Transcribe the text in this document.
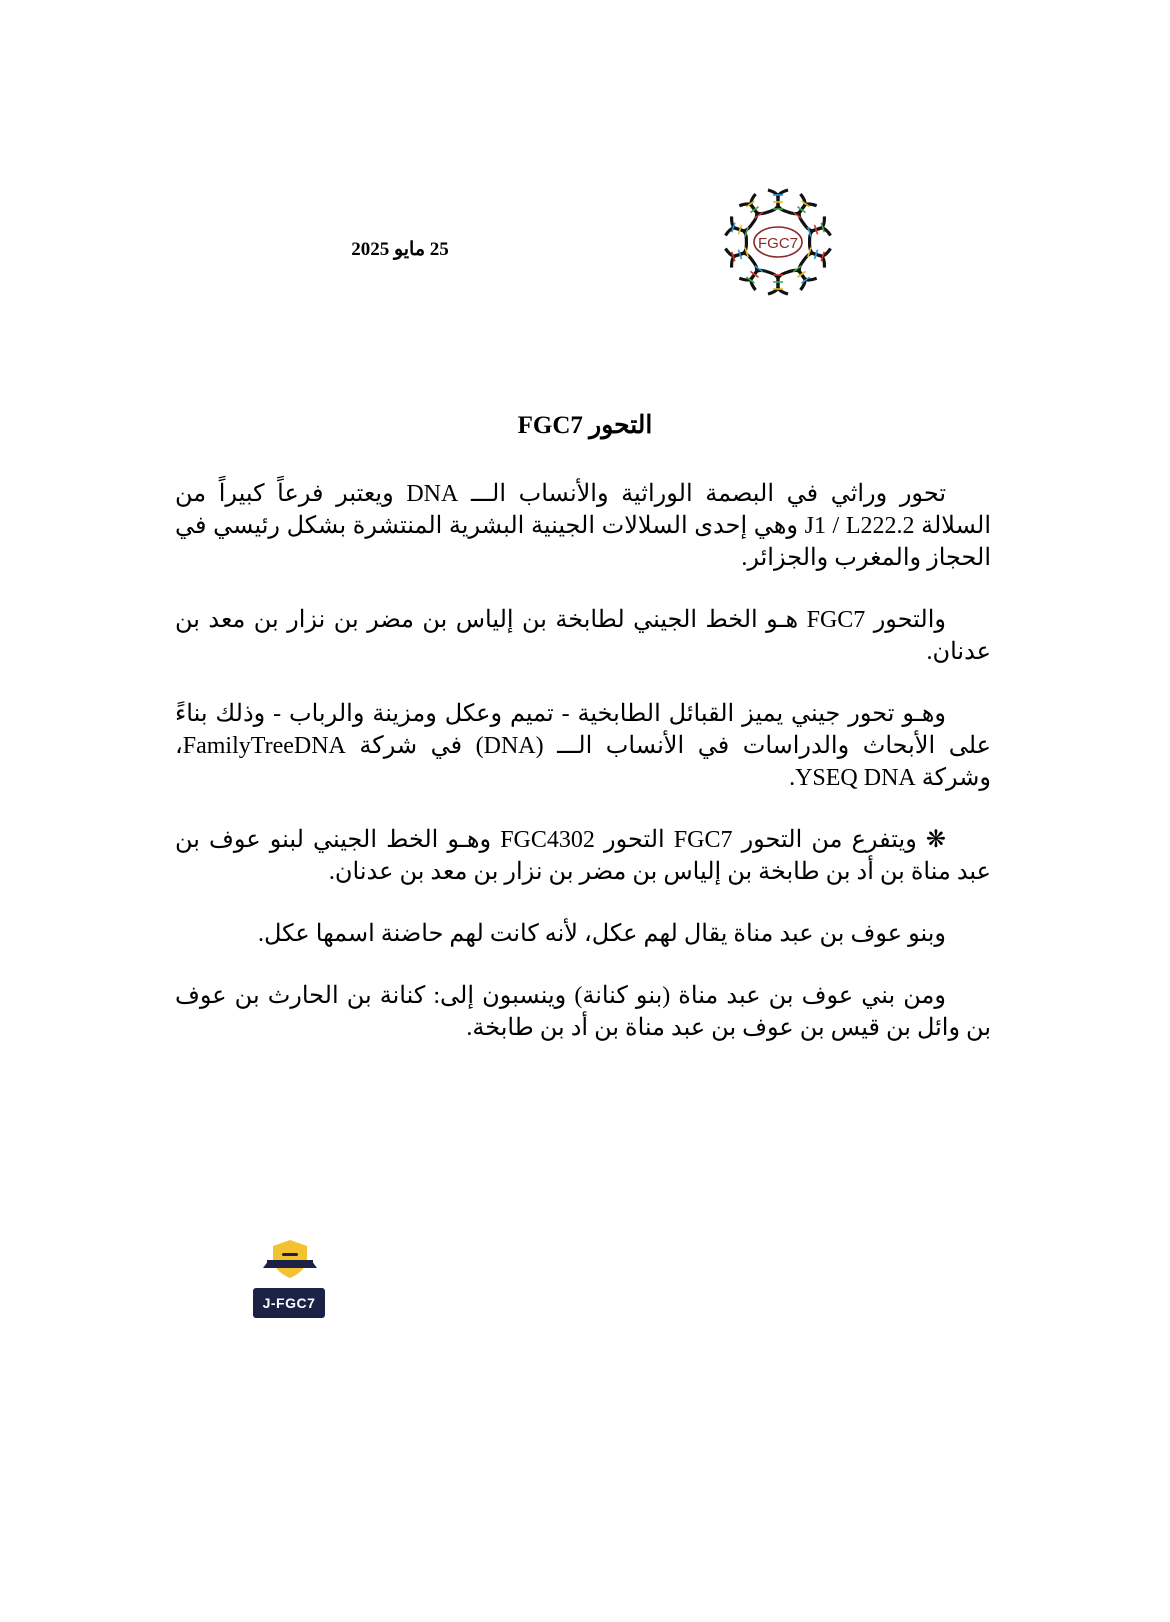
25 مايو 2025	FGC7
التحور FGC7

تحور وراثي في البصمة الوراثية والأنساب الـــ DNA ويعتبر فرعاً كبيراً من السلالة J1 / L222.2 وهي إحدى السلالات الجينية البشرية المنتشرة بشكل رئيسي في الحجاز والمغرب والجزائر.

والتحور FGC7 هـو الخط الجيني لطابخة بن إلياس بن مضر بن نزار بن معد بن عدنان.

وهـو تحور جيني يميز القبائل الطابخية - تميم وعكل ومزينة والرباب - وذلك بناءً على الأبحاث والدراسات في الأنساب الـــ (DNA) في شركة FamilyTreeDNA، وشركة YSEQ DNA.

❋ ويتفرع من التحور FGC7 التحور FGC4302 وهـو الخط الجيني لبنو عوف بن عبد مناة بن أد بن طابخة بن إلياس بن مضر بن نزار بن معد بن عدنان.

وبنو عوف بن عبد مناة يقال لهم عكل، لأنه كانت لهم حاضنة اسمها عكل.

ومن بني عوف بن عبد مناة (بنو كنانة) وينسبون إلى: كنانة بن الحارث بن عوف بن وائل بن قيس بن عوف بن عبد مناة بن أد بن طابخة.

J-FGC7
